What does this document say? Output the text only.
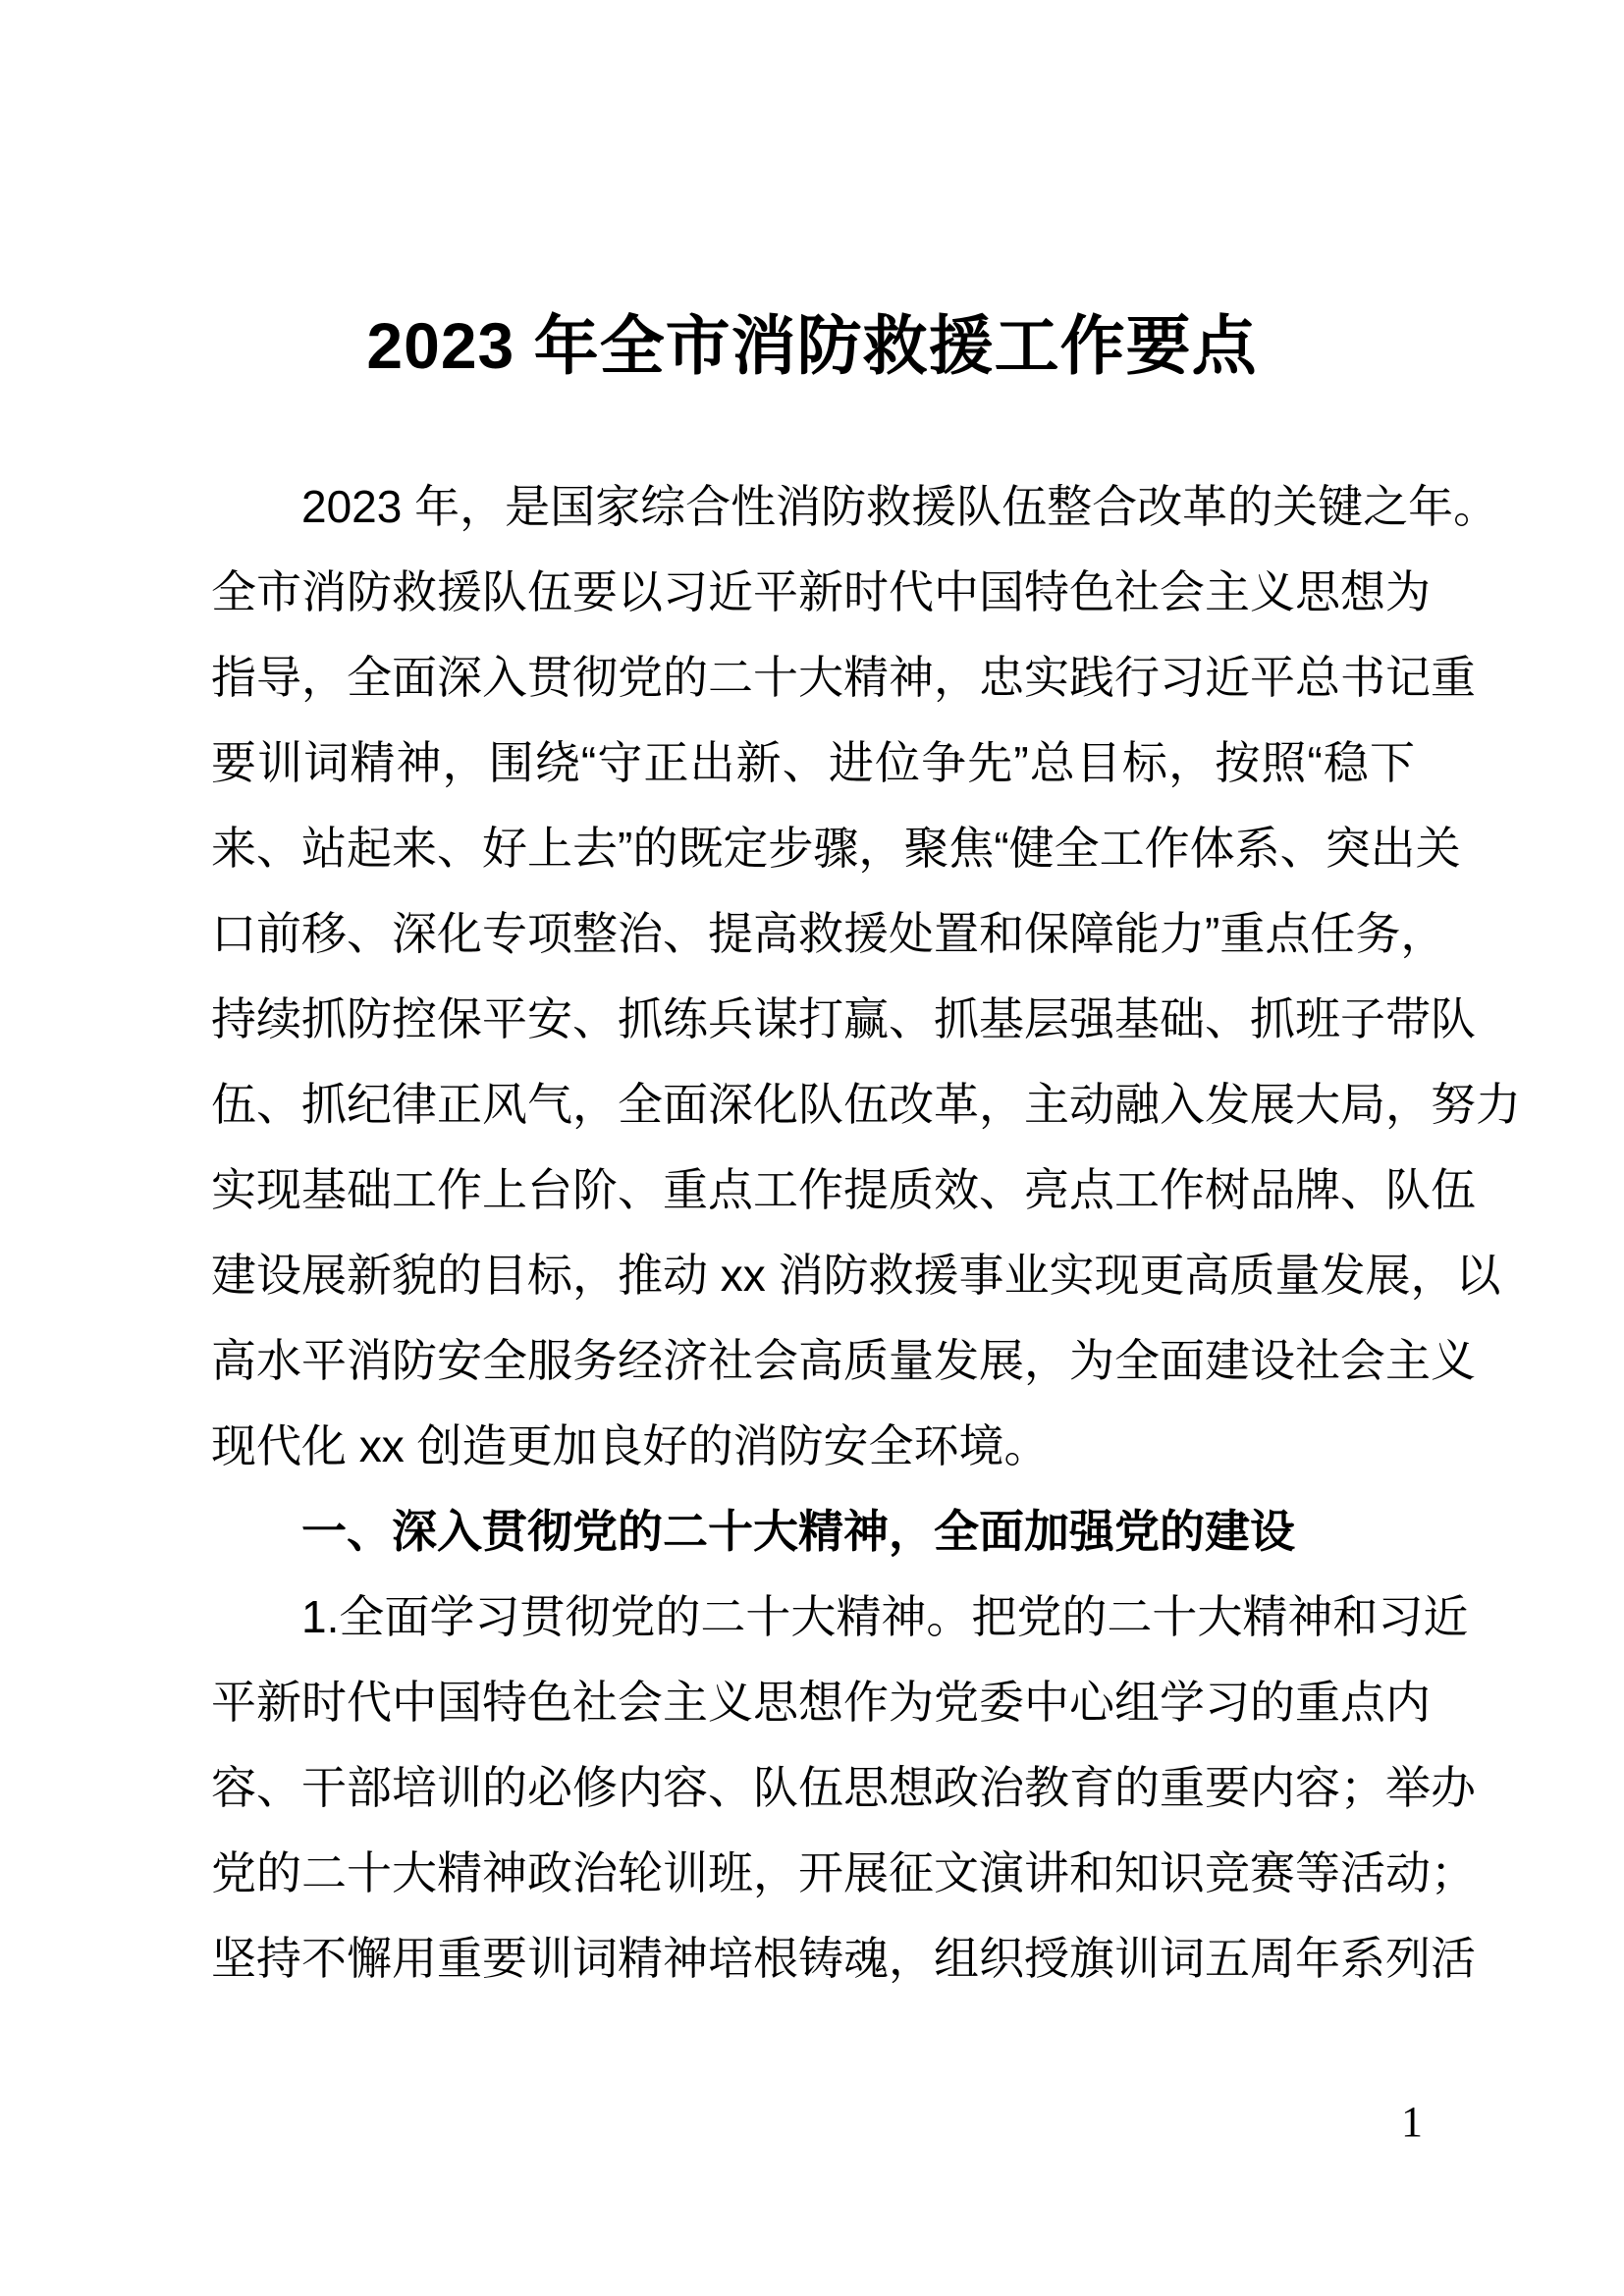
2023 年全市消防救援工作要点
2023 年，是国家综合性消防救援队伍整合改革的关键之年。
全市消防救援队伍要以习近平新时代中国特色社会主义思想为
指导，全面深入贯彻党的二十大精神，忠实践行习近平总书记重
要训词精神，围绕“守正出新、进位争先”总目标，按照“稳下
来、站起来、好上去”的既定步骤，聚焦“健全工作体系、突出关
口前移、深化专项整治、提高救援处置和保障能力”重点任务，
持续抓防控保平安、抓练兵谋打赢、抓基层强基础、抓班子带队
伍、抓纪律正风气，全面深化队伍改革，主动融入发展大局，努力
实现基础工作上台阶、重点工作提质效、亮点工作树品牌、队伍
建设展新貌的目标，推动 xx 消防救援事业实现更高质量发展，以
高水平消防安全服务经济社会高质量发展，为全面建设社会主义
现代化 xx 创造更加良好的消防安全环境。
一、深入贯彻党的二十大精神，全面加强党的建设
1.全面学习贯彻党的二十大精神。把党的二十大精神和习近
平新时代中国特色社会主义思想作为党委中心组学习的重点内
容、干部培训的必修内容、队伍思想政治教育的重要内容；举办
党的二十大精神政治轮训班，开展征文演讲和知识竞赛等活动；
坚持不懈用重要训词精神培根铸魂，组织授旗训词五周年系列活
1
